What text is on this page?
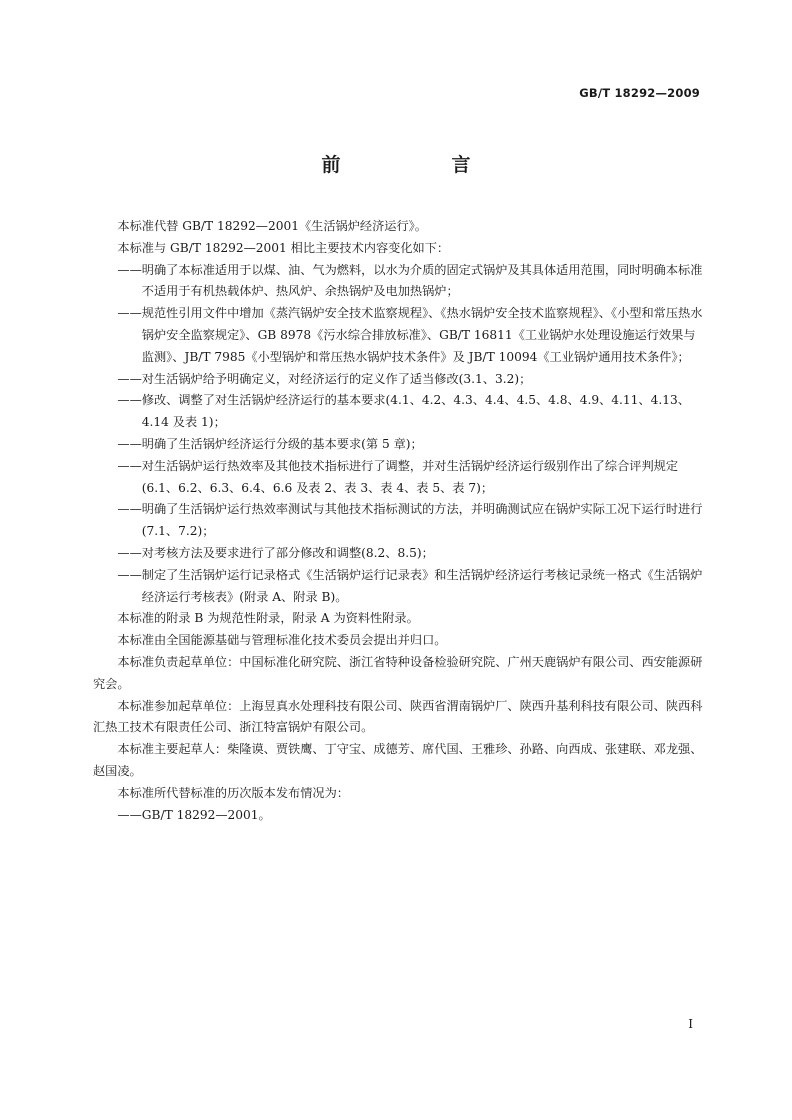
GB/T 18292—2009
前　言

本标准代替 GB/T 18292—2001《生活锅炉经济运行》。

本标准与 GB/T 18292—2001 相比主要技术内容变化如下：

——明确了本标准适用于以煤、油、气为燃料，以水为介质的固定式锅炉及其具体适用范围，同时明确本标准不适用于有机热载体炉、热风炉、余热锅炉及电加热锅炉；

——规范性引用文件中增加《蒸汽锅炉安全技术监察规程》、《热水锅炉安全技术监察规程》、《小型和常压热水锅炉安全监察规定》、GB 8978《污水综合排放标准》、GB/T 16811《工业锅炉水处理设施运行效果与监测》、JB/T 7985《小型锅炉和常压热水锅炉技术条件》及 JB/T 10094《工业锅炉通用技术条件》；

——对生活锅炉给予明确定义，对经济运行的定义作了适当修改(3.1、3.2)；

——修改、调整了对生活锅炉经济运行的基本要求(4.1、4.2、4.3、4.4、4.5、4.8、4.9、4.11、4.13、4.14 及表 1)；

——明确了生活锅炉经济运行分级的基本要求(第 5 章)；

——对生活锅炉运行热效率及其他技术指标进行了调整，并对生活锅炉经济运行级别作出了综合评判规定(6.1、6.2、6.3、6.4、6.6 及表 2、表 3、表 4、表 5、表 7)；

——明确了生活锅炉运行热效率测试与其他技术指标测试的方法，并明确测试应在锅炉实际工况下运行时进行(7.1、7.2)；

——对考核方法及要求进行了部分修改和调整(8.2、8.5)；

——制定了生活锅炉运行记录格式《生活锅炉运行记录表》和生活锅炉经济运行考核记录统一格式《生活锅炉经济运行考核表》(附录 A、附录 B)。

本标准的附录 B 为规范性附录，附录 A 为资料性附录。

本标准由全国能源基础与管理标准化技术委员会提出并归口。

本标准负责起草单位：中国标准化研究院、浙江省特种设备检验研究院、广州天鹿锅炉有限公司、西安能源研究会。

本标准参加起草单位：上海昱真水处理科技有限公司、陕西省渭南锅炉厂、陕西升基利科技有限公司、陕西科汇热工技术有限责任公司、浙江特富锅炉有限公司。

本标准主要起草人：柴隆谟、贾铁鹰、丁守宝、成德芳、席代国、王雅珍、孙路、向西成、张建联、邓龙强、赵国凌。

本标准所代替标准的历次版本发布情况为：

——GB/T 18292—2001。

I
